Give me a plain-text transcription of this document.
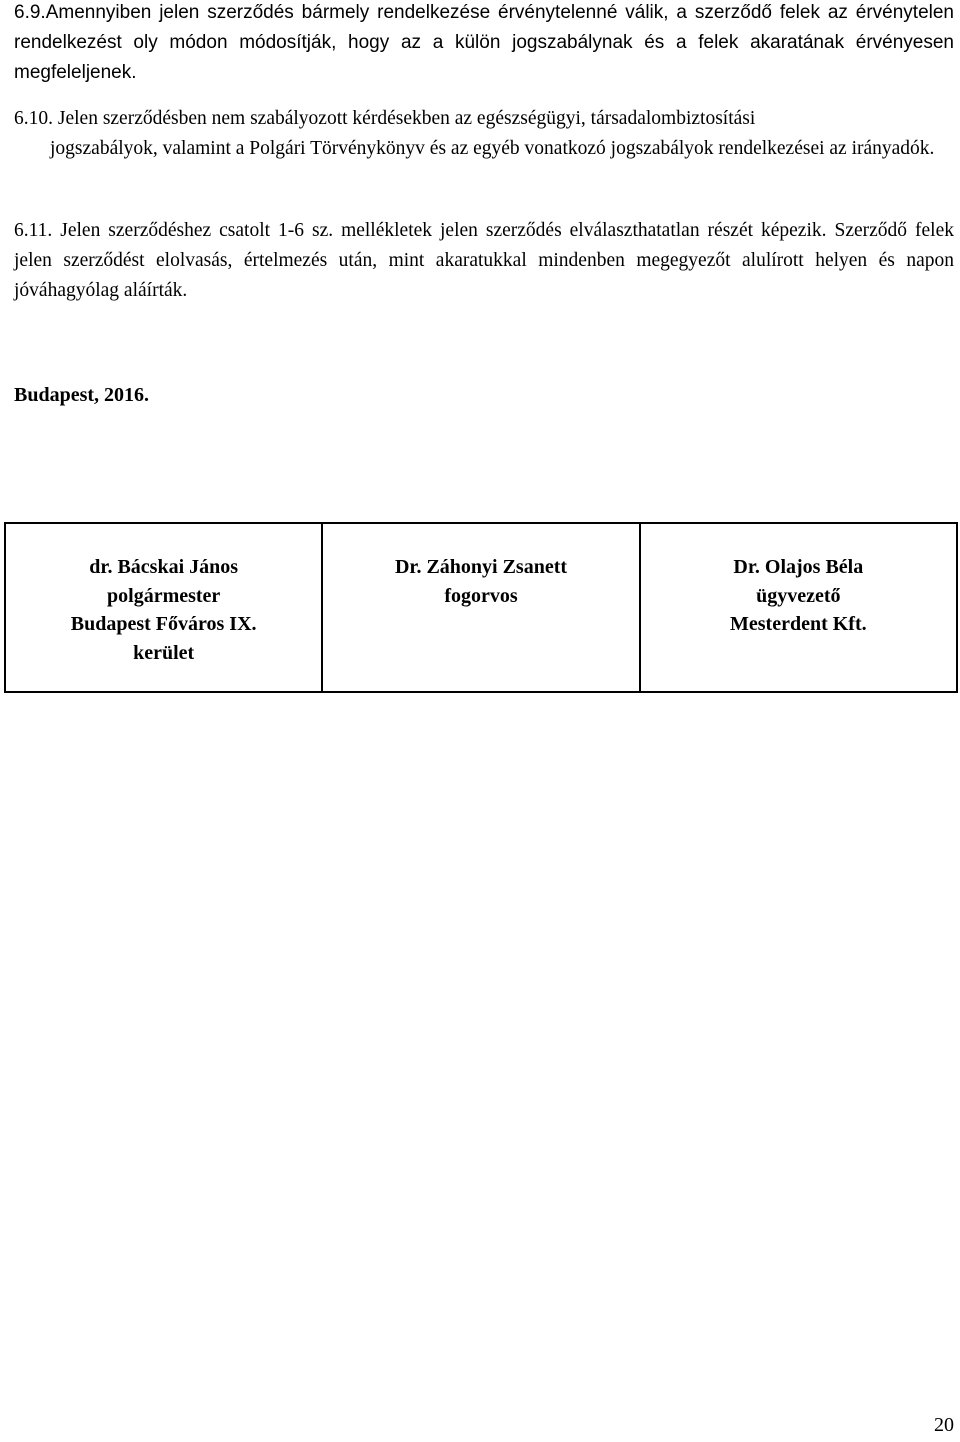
6.9.Amennyiben jelen szerződés bármely rendelkezése érvénytelenné válik, a szerződő felek az érvénytelen rendelkezést oly módon módosítják, hogy az a külön jogszabálynak és a felek akaratának érvényesen megfeleljenek.

6.10. Jelen szerződésben nem szabályozott kérdésekben az egészségügyi, társadalombiztosítási
jogszabályok, valamint a Polgári Törvénykönyv és az egyéb vonatkozó jogszabályok rendelkezései az irányadók.

6.11. Jelen szerződéshez csatolt 1-6 sz. mellékletek jelen szerződés elválaszthatatlan részét képezik. Szerződő felek jelen szerződést elolvasás, értelmezés után, mint akaratukkal mindenben megegyezőt alulírott helyen és napon jóváhagyólag aláírták.

Budapest, 2016.

dr. Bácskai János
polgármester
Budapest Főváros IX.
kerület

Dr. Záhonyi Zsanett
fogorvos

Dr. Olajos Béla
ügyvezető
Mesterdent Kft.

20
